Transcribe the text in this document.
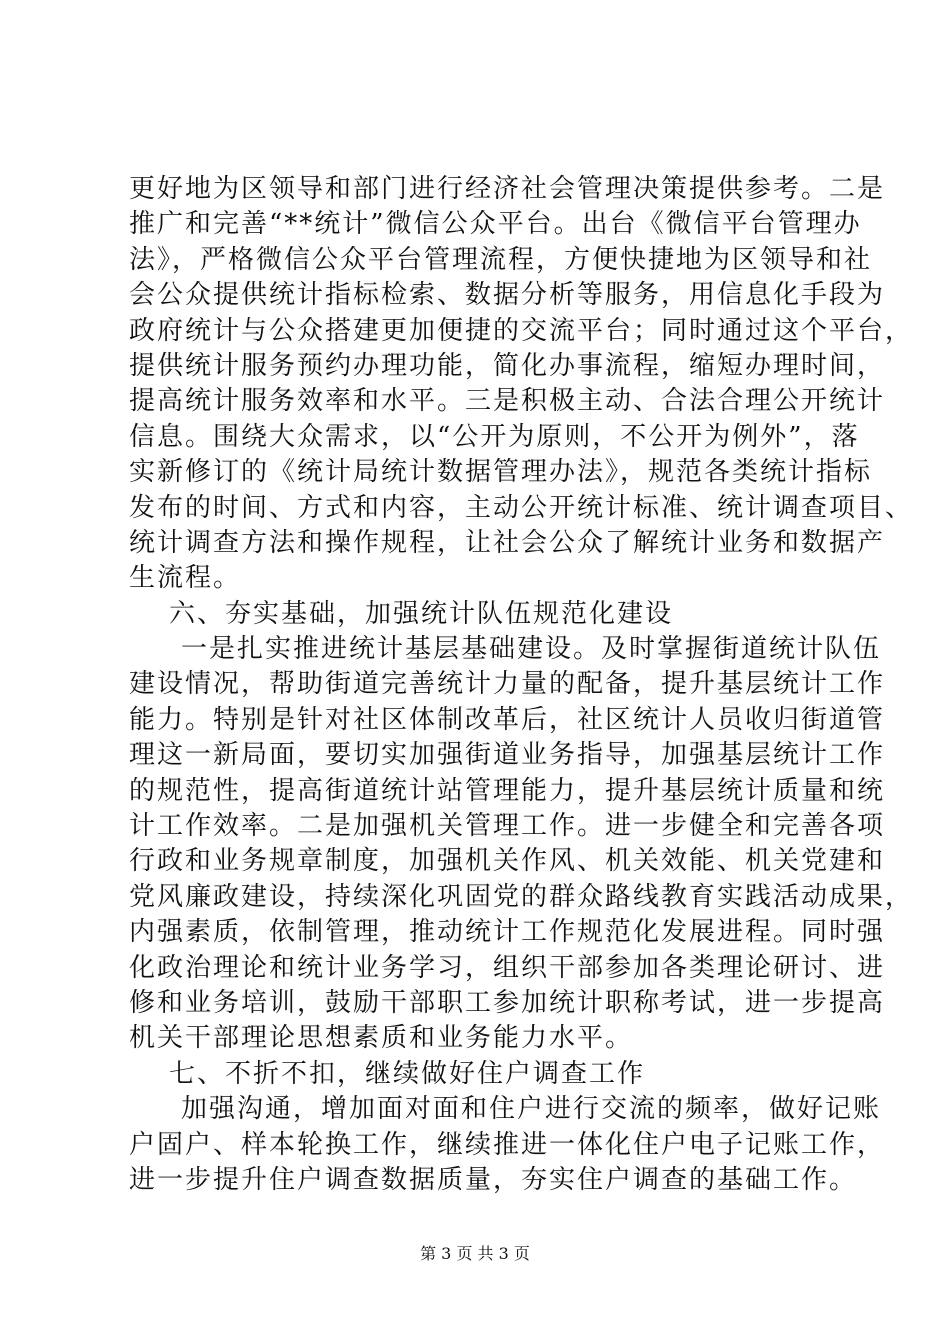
更好地为区领导和部门进行经济社会管理决策提供参考。二是
推广和完善“**统计”微信公众平台。出台《微信平台管理办
法》，严格微信公众平台管理流程，方便快捷地为区领导和社
会公众提供统计指标检索、数据分析等服务，用信息化手段为
政府统计与公众搭建更加便捷的交流平台；同时通过这个平台，
提供统计服务预约办理功能，简化办事流程，缩短办理时间，
提高统计服务效率和水平。三是积极主动、合法合理公开统计
信息。围绕大众需求，以“公开为原则，不公开为例外”，落
实新修订的《统计局统计数据管理办法》，规范各类统计指标
发布的时间、方式和内容，主动公开统计标准、统计调查项目、
统计调查方法和操作规程，让社会公众了解统计业务和数据产
生流程。
六、夯实基础，加强统计队伍规范化建设
一是扎实推进统计基层基础建设。及时掌握街道统计队伍
建设情况，帮助街道完善统计力量的配备，提升基层统计工作
能力。特别是针对社区体制改革后，社区统计人员收归街道管
理这一新局面，要切实加强街道业务指导，加强基层统计工作
的规范性，提高街道统计站管理能力，提升基层统计质量和统
计工作效率。二是加强机关管理工作。进一步健全和完善各项
行政和业务规章制度，加强机关作风、机关效能、机关党建和
党风廉政建设，持续深化巩固党的群众路线教育实践活动成果，
内强素质，依制管理，推动统计工作规范化发展进程。同时强
化政治理论和统计业务学习，组织干部参加各类理论研讨、进
修和业务培训，鼓励干部职工参加统计职称考试，进一步提高
机关干部理论思想素质和业务能力水平。
七、不折不扣，继续做好住户调查工作
加强沟通，增加面对面和住户进行交流的频率，做好记账
户固户、样本轮换工作，继续推进一体化住户电子记账工作，
进一步提升住户调查数据质量，夯实住户调查的基础工作。
第 3 页 共 3 页
